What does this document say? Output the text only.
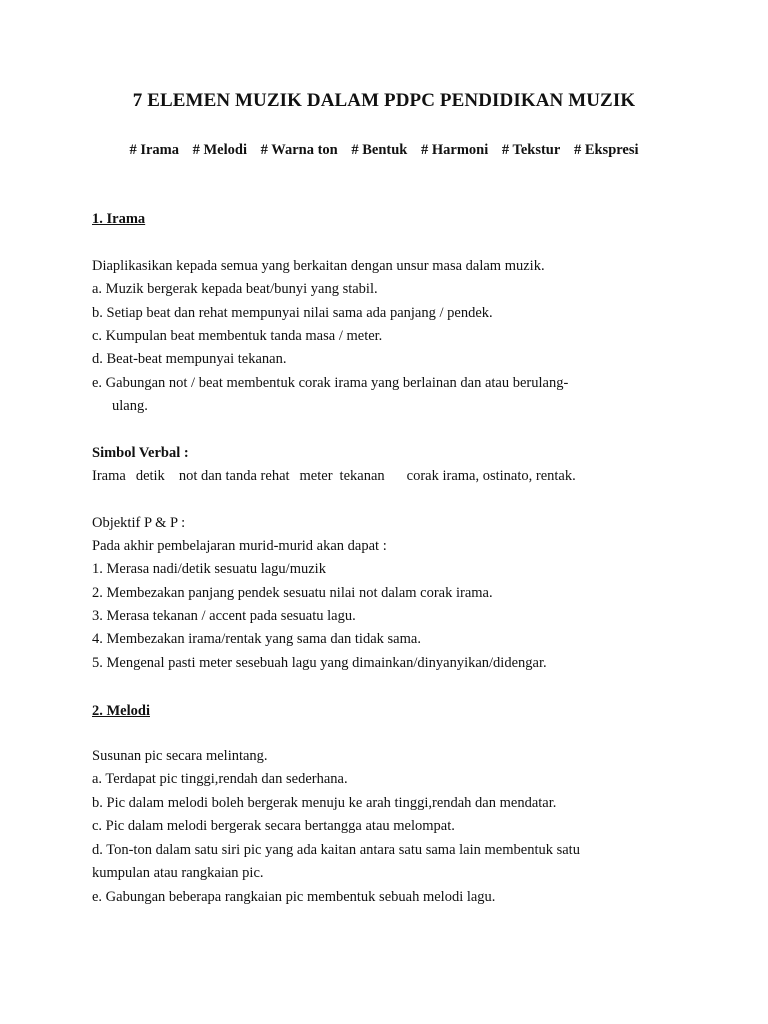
7 ELEMEN MUZIK DALAM PDPC PENDIDIKAN MUZIK

# Irama # Melodi # Warna ton # Bentuk # Harmoni # Tekstur # Ekspresi

1. Irama

Diaplikasikan kepada semua yang berkaitan dengan unsur masa dalam muzik.

a. Muzik bergerak kepada beat/bunyi yang stabil.

b. Setiap beat dan rehat mempunyai nilai sama ada panjang / pendek.

c. Kumpulan beat membentuk tanda masa / meter.

d. Beat-beat mempunyai tekanan.

e. Gabungan not / beat membentuk corak irama yang berlainan dan atau berulang-

ulang.

Simbol Verbal :

Irama detik not dan tanda rehat meter tekanan corak irama, ostinato, rentak.

Objektif P & P :

Pada akhir pembelajaran murid-murid akan dapat :

1. Merasa nadi/detik sesuatu lagu/muzik

2. Membezakan panjang pendek sesuatu nilai not dalam corak irama.

3. Merasa tekanan / accent pada sesuatu lagu.

4. Membezakan irama/rentak yang sama dan tidak sama.

5. Mengenal pasti meter sesebuah lagu yang dimainkan/dinyanyikan/didengar.

2. Melodi

Susunan pic secara melintang.

a. Terdapat pic tinggi,rendah dan sederhana.

b. Pic dalam melodi boleh bergerak menuju ke arah tinggi,rendah dan mendatar.

c. Pic dalam melodi bergerak secara bertangga atau melompat.

d. Ton-ton dalam satu siri pic yang ada kaitan antara satu sama lain membentuk satu

kumpulan atau rangkaian pic.

e. Gabungan beberapa rangkaian pic membentuk sebuah melodi lagu.
